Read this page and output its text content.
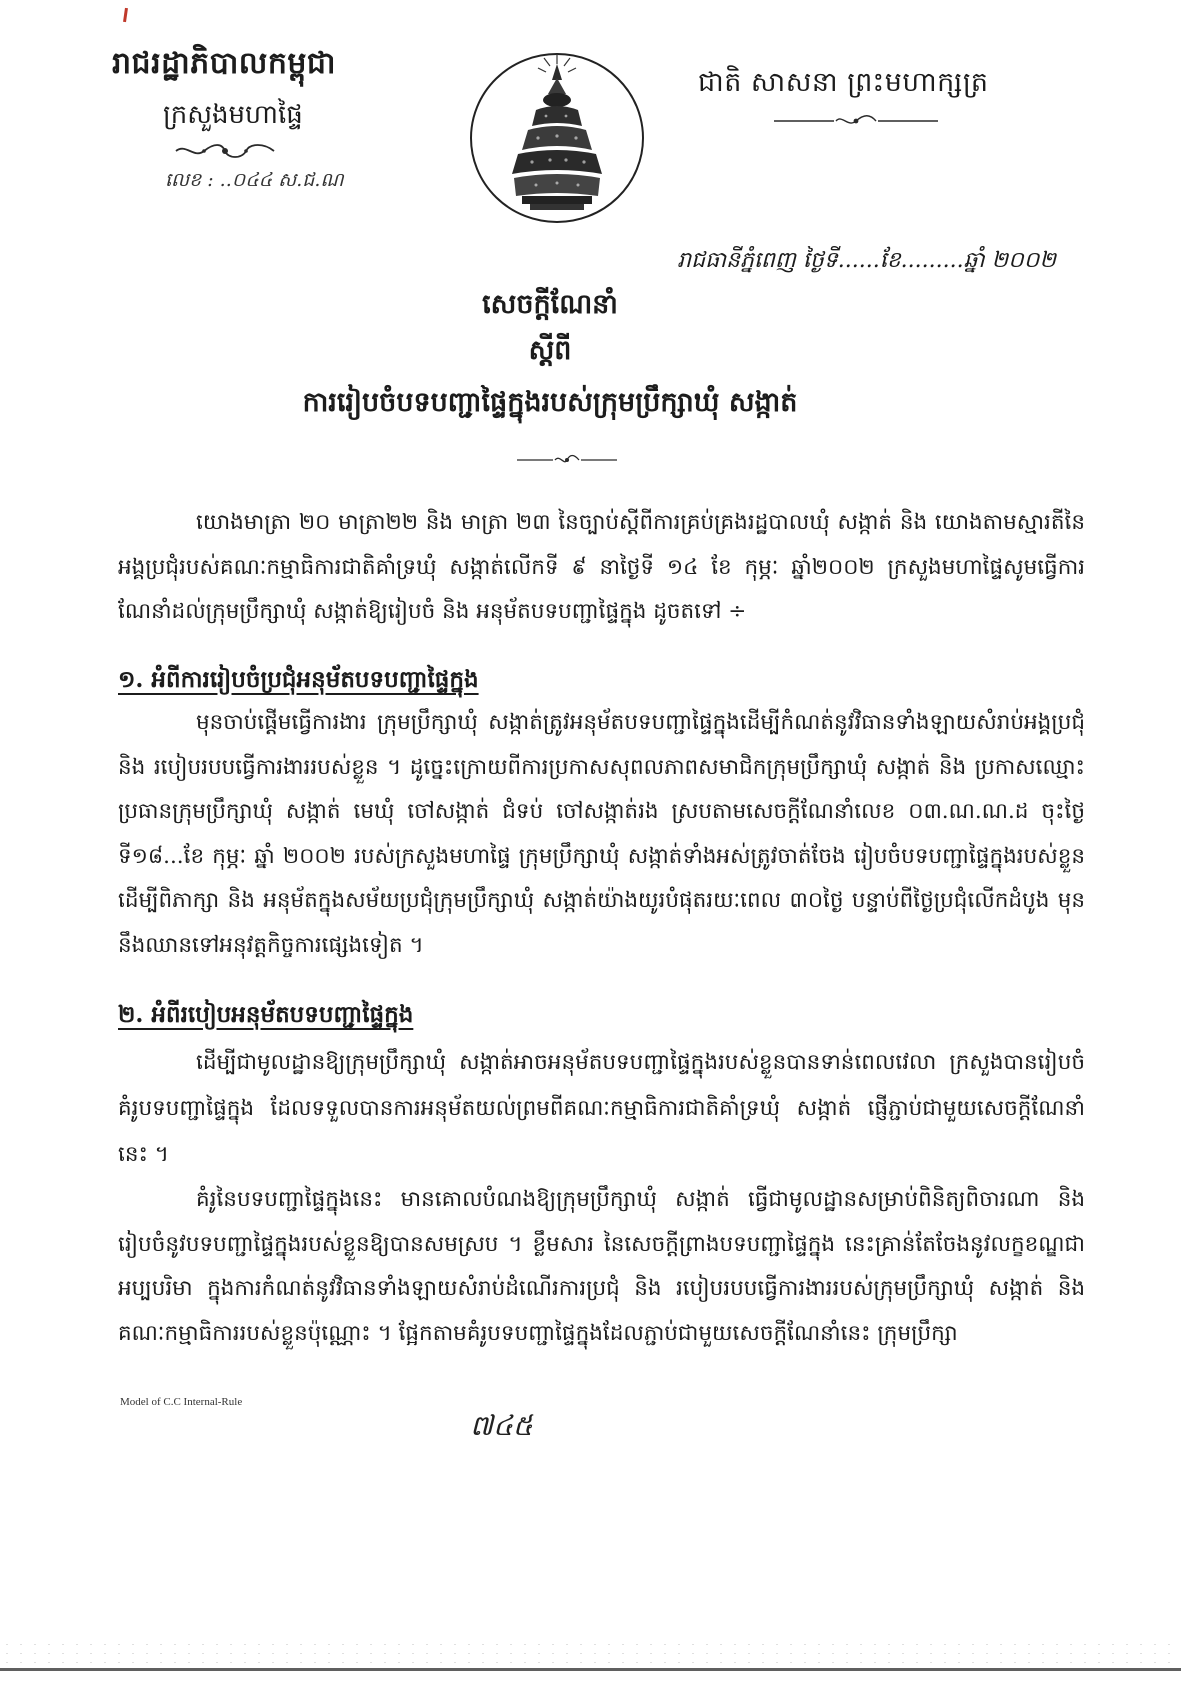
រាជរដ្ឋាភិបាលកម្ពុជា
ក្រសួងមហាផ្ទៃ
លេខ : ..០៤៤ ស.ជ.ណ
ជាតិ សាសនា ព្រះមហាក្សត្រ
រាជធានីភ្នំពេញ ថ្ងៃទី......ខែ.........ឆ្នាំ ២០០២
សេចក្តីណែនាំ
ស្តីពី
ការរៀបចំបទបញ្ជាផ្ទៃក្នុងរបស់ក្រុមប្រឹក្សាឃុំ សង្កាត់
យោងមាត្រា ២០ មាត្រា២២ និង មាត្រា ២៣ នៃច្បាប់ស្តីពីការគ្រប់គ្រងរដ្ឋបាលឃុំ សង្កាត់ និង យោងតាមស្មារតីនៃអង្គប្រជុំរបស់គណៈកម្មាធិការជាតិគាំទ្រឃុំ សង្កាត់លើកទី ៩ នាថ្ងៃទី ១៤ ខែ កុម្ភៈ ឆ្នាំ២០០២ ក្រសួងមហាផ្ទៃសូមធ្វើការណែនាំដល់ក្រុមប្រឹក្សាឃុំ សង្កាត់ឱ្យរៀបចំ និង អនុម័តបទបញ្ជាផ្ទៃក្នុង ដូចតទៅ ÷
១. អំពីការរៀបចំប្រជុំអនុម័តបទបញ្ជាផ្ទៃក្នុង
មុនចាប់ផ្តើមធ្វើការងារ ក្រុមប្រឹក្សាឃុំ សង្កាត់ត្រូវអនុម័តបទបញ្ជាផ្ទៃក្នុងដើម្បីកំណត់នូវវិធានទាំងឡាយសំរាប់អង្គប្រជុំ និង របៀបរបបធ្វើការងាររបស់ខ្លួន ។ ដូច្នេះក្រោយពីការប្រកាសសុពលភាពសមាជិកក្រុមប្រឹក្សាឃុំ សង្កាត់ និង ប្រកាសឈ្មោះប្រធានក្រុមប្រឹក្សាឃុំ សង្កាត់ មេឃុំ ចៅសង្កាត់ ជំទប់ ចៅសង្កាត់រង ស្របតាមសេចក្តីណែនាំលេខ ០៣.ណ.ណ.ដ ចុះថ្ងៃ ទី១៨...ខែ កុម្ភៈ ឆ្នាំ ២០០២ របស់ក្រសួងមហាផ្ទៃ ក្រុមប្រឹក្សាឃុំ សង្កាត់ទាំងអស់ត្រូវចាត់ចែង រៀបចំបទបញ្ជាផ្ទៃក្នុងរបស់ខ្លួន ដើម្បីពិភាក្សា និង អនុម័តក្នុងសម័យប្រជុំក្រុមប្រឹក្សាឃុំ សង្កាត់យ៉ាងយូរបំផុតរយៈពេល ៣០ថ្ងៃ បន្ទាប់ពីថ្ងៃប្រជុំលើកដំបូង មុននឹងឈានទៅអនុវត្តកិច្ចការផ្សេងទៀត ។
២. អំពីរបៀបអនុម័តបទបញ្ជាផ្ទៃក្នុង
ដើម្បីជាមូលដ្ឋានឱ្យក្រុមប្រឹក្សាឃុំ សង្កាត់អាចអនុម័តបទបញ្ជាផ្ទៃក្នុងរបស់ខ្លួនបានទាន់ពេលវេលា ក្រសួងបានរៀបចំគំរូបទបញ្ជាផ្ទៃក្នុង ដែលទទួលបានការអនុម័តយល់ព្រមពីគណៈកម្មាធិការជាតិគាំទ្រឃុំ សង្កាត់ ផ្ញើភ្ជាប់ជាមួយសេចក្តីណែនាំនេះ ។
គំរូនៃបទបញ្ជាផ្ទៃក្នុងនេះ មានគោលបំណងឱ្យក្រុមប្រឹក្សាឃុំ សង្កាត់ ធ្វើជាមូលដ្ឋានសម្រាប់ពិនិត្យពិចារណា និង រៀបចំនូវបទបញ្ជាផ្ទៃក្នុងរបស់ខ្លួនឱ្យបានសមស្រប ។ ខ្លឹមសារ នៃសេចក្តីព្រាងបទបញ្ជាផ្ទៃក្នុង នេះគ្រាន់តែចែងនូវលក្ខខណ្ឌជាអប្បបរិមា ក្នុងការកំណត់នូវវិធានទាំងឡាយសំរាប់ដំណើរការប្រជុំ និង របៀបរបបធ្វើការងាររបស់ក្រុមប្រឹក្សាឃុំ សង្កាត់ និងគណៈកម្មាធិការរបស់ខ្លួនប៉ុណ្ណោះ ។ ផ្អែកតាមគំរូបទបញ្ជាផ្ទៃក្នុងដែលភ្ជាប់ជាមួយសេចក្តីណែនាំនេះ ក្រុមប្រឹក្សា
Model of C.C Internal-Rule
៧៤៥
